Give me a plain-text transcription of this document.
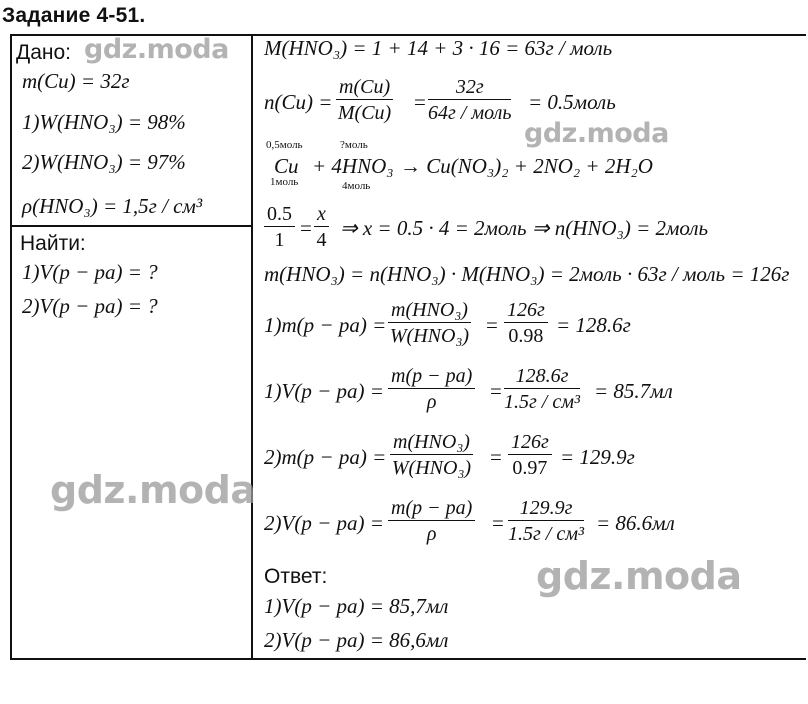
Задание 4-51.
Дано:
m(Cu) = 32г
1)W(HNO₃) = 98%
2)W(HNO₃) = 97%
ρ(HNO₃) = 1,5г / см³
Найти:
1)V(p − pa) = ?
2)V(p − pa) = ?
M(HNO₃) = 1 + 14 + 3 · 16 = 63г / моль
$n(Cu) = \frac{m(Cu)}{M(Cu)}$ =
32г
64г / моль = 0.5моль
0,5моль	?моль
Cu
1моль
+ 4HNO₃
4моль
→ Cu(NO₃)₂ + 2NO₂ + 2H₂O
$\frac{0.5}{1} = \frac{x}{4}$ ⇒ x = 0.5 · 4 = 2моль ⇒ n(HNO₃) = 2моль
m(HNO₃) = n(HNO₃) · M(HNO₃) = 2моль · 63г / моль = 126г
1)m(p − pa) =
m(HNO₃)
W(HNO₃) =
126г
0.98 = 128.6г
$1)V(p - pa) = \frac{m(p - pa)}{\rho}$ =
128.6г
1.5г / см³ = 85.7мл
2)m(p − pa) =
m(HNO₃)
W(HNO₃) =
126г
0.97 = 129.9г
$2)V(p - pa) = \frac{m(p - pa)}{\rho}$ =
129.9г
1.5г / см³ = 86.6мл
Ответ:
1)V(p − pa) = 85,7мл
2)V(p − pa) = 86,6мл
gdz.moda
gdz.moda
gdz.moda
gdz.moda
